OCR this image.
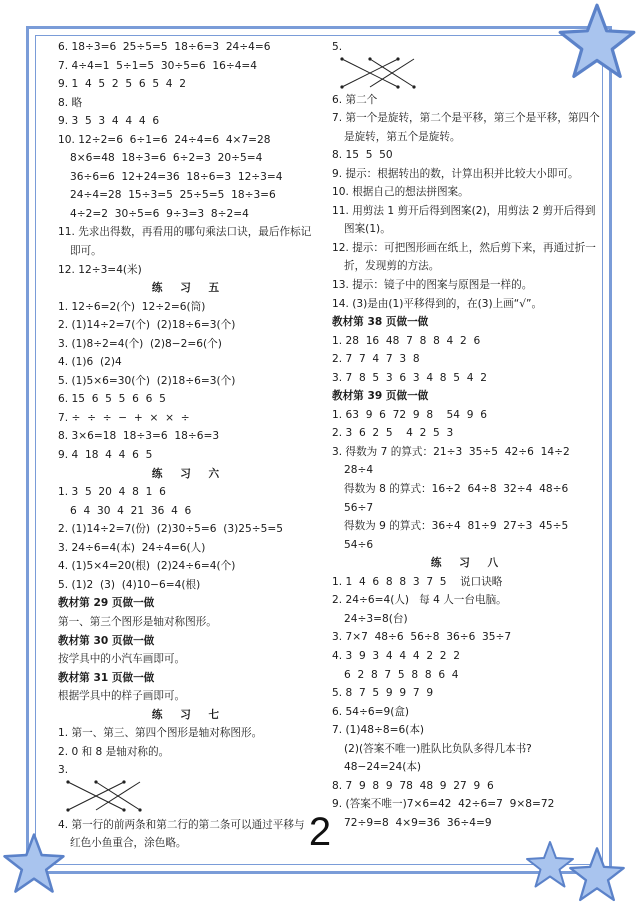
6. 18÷3=6  25÷5=5  18÷6=3  24÷4=6
7. 4÷4=1  5÷1=5  30÷5=6  16÷4=4
9. 1  4  5  2  5  6  5  4  2
8. 略
9. 3  5  3  4  4  4  6
10. 12÷2=6  6÷1=6  24÷4=6  4×7=28
8×6=48  18÷3=6  6÷2=3  20÷5=4
36÷6=6  12+24=36  18÷6=3  12÷3=4
24÷4=28  15÷3=5  25÷5=5  18÷3=6
4÷2=2  30÷5=6  9÷3=3  8÷2=4
11. 先求出得数，再看用的哪句乘法口诀，最后作标记
即可。
12. 12÷3=4(米)
练 习 五
1. 12÷6=2(个)  12÷2=6(筒)
2. (1)14÷2=7(个)  (2)18÷6=3(个)
3. (1)8÷2=4(个)  (2)8−2=6(个)
4. (1)6  (2)4
5. (1)5×6=30(个)  (2)18÷6=3(个)
6. 15  6  5  5  6  6  5
7. ÷  ÷  ÷  −  +  ×  ×  ÷
8. 3×6=18  18÷3=6  18÷6=3
9. 4  18  4  4  6  5
练 习 六
1. 3  5  20  4  8  1  6
6  4  30  4  21  36  4  6
2. (1)14÷2=7(份)  (2)30÷5=6  (3)25÷5=5
3. 24÷6=4(本)  24÷4=6(人)
4. (1)5×4=20(根)  (2)24÷6=4(个)
5. (1)2  (3)  (4)10−6=4(根)
教材第 29 页做一做
第一、第三个图形是轴对称图形。
教材第 30 页做一做
按学具中的小汽车画即可。
教材第 31 页做一做
根据学具中的样子画即可。
练 习 七
1. 第一、第三、第四个图形是轴对称图形。
2. 0 和 8 是轴对称的。
3.
4. 第一行的前两条和第二行的第二条可以通过平移与
红色小鱼重合，涂色略。
5.
6. 第二个
7. 第一个是旋转，第二个是平移，第三个是平移，第四个
是旋转，第五个是旋转。
8. 15  5  50
9. 提示：根据转出的数，计算出积并比较大小即可。
10. 根据自己的想法拼图案。
11. 用剪法 1 剪开后得到图案(2)，用剪法 2 剪开后得到
图案(1)。
12. 提示：可把图形画在纸上，然后剪下来，再通过折一
折，发现剪的方法。
13. 提示：镜子中的图案与原图是一样的。
14. (3)是由(1)平移得到的，在(3)上画“√”。
教材第 38 页做一做
1. 28  16  48  7  8  8  4  2  6
2. 7  7  4  7  3  8
3. 7  8  5  3  6  3  4  8  5  4  2
教材第 39 页做一做
1. 63  9  6  72  9  8    54  9  6
2. 3  6  2  5    4  2  5  3
3. 得数为 7 的算式：21÷3  35÷5  42÷6  14÷2
28÷4
得数为 8 的算式：16÷2  64÷8  32÷4  48÷6
56÷7
得数为 9 的算式：36÷4  81÷9  27÷3  45÷5
54÷6
练 习 八
1. 1  4  6  8  8  3  7  5    说口诀略
2. 24÷6=4(人)   每 4 人一台电脑。
24÷3=8(台)
3. 7×7  48÷6  56÷8  36÷6  35÷7
4. 3  9  3  4  4  4  2  2  2
6  2  8  7  5  8  8  6  4
5. 8  7  5  9  9  7  9
6. 54÷6=9(盒)
7. (1)48÷8=6(本)
(2)(答案不唯一)胜队比负队多得几本书?
48−24=24(本)
8. 7  9  8  9  78  48  9  27  9  6
9. (答案不唯一)7×6=42  42÷6=7  9×8=72
72÷9=8  4×9=36  36÷4=9
2
